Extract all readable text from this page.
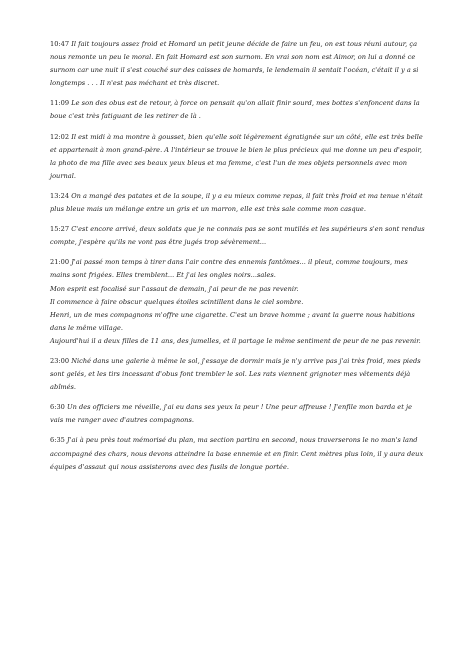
10:47 Il fait toujours assez froid et Homard un petit jeune décide de faire un feu, on est tous réuni autour, ça nous remonte un peu le moral. En fait Homard est son surnom. En vrai son nom est Aimor, on lui a donné ce surnom car une nuit il s'est couché sur des caisses de homards, le lendemain il sentait l'océan, c'était il y a si longtemps . . . Il n'est pas méchant et très discret.

11:09 Le son des obus est de retour, à force on pensait qu'on allait finir sourd, mes bottes s'enfoncent dans la boue c'est très fatiguant de les retirer de là .

12:02 Il est midi à ma montre à gousset, bien qu'elle soit légèrement égratignée sur un côté, elle est très belle et appartenait à mon grand-père. A l'intérieur se trouve le bien le plus précieux qui me donne un peu d'espoir, la photo de ma fille avec ses beaux yeux bleus et ma femme, c'est l'un de mes objets personnels avec mon journal.

13:24 On a mangé des patates et de la soupe, il y a eu mieux comme repas, il fait très froid et ma tenue n'était plus bleue mais un mélange entre un gris et un marron, elle est très sale comme mon casque.

15:27 C'est encore arrivé, deux soldats que je ne connais pas se sont mutilés et les supérieurs s'en sont rendus compte, j'espère qu'ils ne vont pas être jugés trop sévèrement...

21:00 J'ai passé mon temps à tirer dans l'air contre des ennemis fantômes... il pleut, comme toujours, mes mains sont frigées. Elles tremblent... Et j'ai les ongles noirs...sales.

Mon esprit est focalisé sur l'assaut de demain, j'ai peur de ne pas revenir.

Il commence à faire obscur quelques étoiles scintillent dans le ciel sombre.

Henri, un de mes compagnons m'offre une cigarette. C'est un brave homme ; avant la guerre nous habitions dans le même village.

Aujourd'hui il a deux filles de 11 ans, des jumelles, et il partage le même sentiment de peur de ne pas revenir.

23:00 Niché dans une galerie à même le sol, j'essaye de dormir mais je n'y arrive pas j'ai très froid, mes pieds sont gelés, et les tirs incessant d'obus font trembler le sol. Les rats viennent grignoter mes vêtements déjà abîmés.

6:30 Un des officiers me réveille, j'ai eu dans ses yeux la peur ! Une peur affreuse ! J'enfile mon barda et je vais me ranger avec d'autres compagnons.

6:35 J'ai à peu près tout mémorisé du plan, ma section partira en second, nous traverserons le no man's land accompagné des chars, nous devons atteindre la base ennemie et en finir. Cent mètres plus loin, il y aura deux équipes d'assaut qui nous assisterons avec des fusils de longue portée.
